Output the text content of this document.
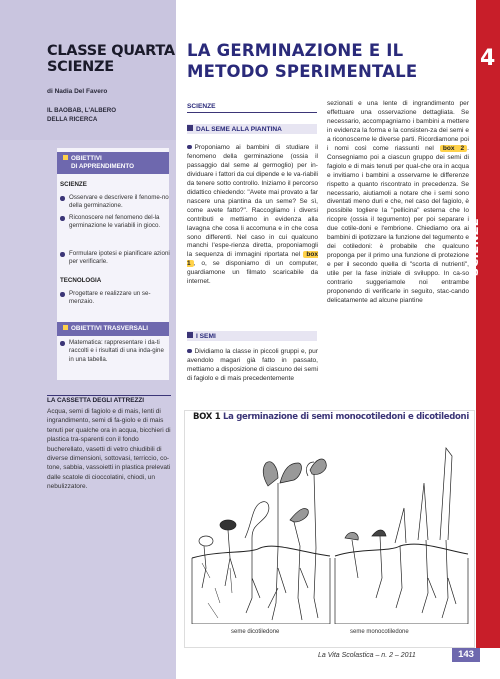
CLASSE QUARTA
SCIENZE
di Nadia Del Favero
IL BAOBAB, L'ALBERO
DELLA RICERCA
OBIETTIVI
DI APPRENDIMENTO
SCIENZE
Osservare e descrivere il fenome-no della germinazione.
Riconoscere nel fenomeno del-la germinazione le variabili in gioco.
Formulare ipotesi e pianificare azioni per verificarle.
TECNOLOGIA
Progettare e realizzare un se-menzaio.
OBIETTIVI TRASVERSALI
Matematica: rappresentare i da-ti raccolti e i risultati di una inda-gine in una tabella.
LA CASSETTA DEGLI ATTREZZI
Acqua, semi di fagiolo e di mais, lenti di ingrandimento, semi di fa-giolo e di mais tenuti per qualche ora in acqua, bicchieri di plastica tra-sparenti con il fondo bucherellato, vasetti di vetro chiudibili di diverse dimensioni, sottovasi, terriccio, co-tone, sabbia, vassoietti in plastica prelevati dalle scatole di cioccolatini, chiodi, un nebulizzatore.
LA GERMINAZIONE E IL
METODO SPERIMENTALE
4
SCIENZE
SCIENZE
DAL SEME ALLA PIANTINA
Proponiamo ai bambini di studiare il fenomeno della germinazione (ossia il passaggio dal seme al germoglio) per in-dividuare i fattori da cui dipende e le va-riabili da tenere sotto controllo. Iniziamo il percorso didattico chiedendo: "Avete mai provato a far nascere una piantina da un seme? Se sì, come avete fatto?". Raccogliamo i diversi contributi e mettiamo in evidenza alla lavagna che cosa li accomuna e in che cosa sono differenti. Nel caso in cui qualcuno manchi l'espe-rienza diretta, proponiamogli la sequenza di immagini riportata nel box 1 , o, se disponiamo di un computer, guardiamone un filmato scaricabile da internet.
I SEMI
Dividiamo la classe in piccoli gruppi e, pur avendolo magari già fatto in passato, mettiamo a disposizione di ciascuno dei semi di fagiolo e di mais precedentemente
sezionati e una lente di ingrandimento per effettuare una osservazione dettagliata. Se necessario, accompagniamo i bambini a mettere in evidenza la forma e la consisten-za dei semi e a riconoscerne le diverse parti. Ricordiamone poi i nomi così come riassunti nel box 2 . Consegniamo poi a ciascun gruppo dei semi di fagiolo e di mais tenuti per qual-che ora in acqua e invitiamo i bambini a osservarne le differenze rispetto a quanto riscontrato in precedenza. Se necessario, aiutiamoli a notare che i semi sono diventati meno duri e che, nel caso del fagiolo, è possibile togliere la "pellicina" esterna che lo ricopre (ossia il tegumento) per poi separare i due cotile-doni e l'embrione. Chiediamo ora ai bambini di ipotizzare la funzione del tegumento e dei cotiledoni: è probabile che qualcuno proponga per il primo una funzione di protezione e per il secondo quella di "scorta di nutrienti", utile per la fase iniziale di sviluppo. In ca-so contrario suggeriamole noi entrambe proponendo di verificarle in seguito, stac-cando delicatamente ad alcune piantine
BOX 1 La germinazione di semi monocotiledoni e dicotiledoni
seme dicotiledone	seme monocotiledone
La Vita Scolastica – n. 2 – 2011	143
